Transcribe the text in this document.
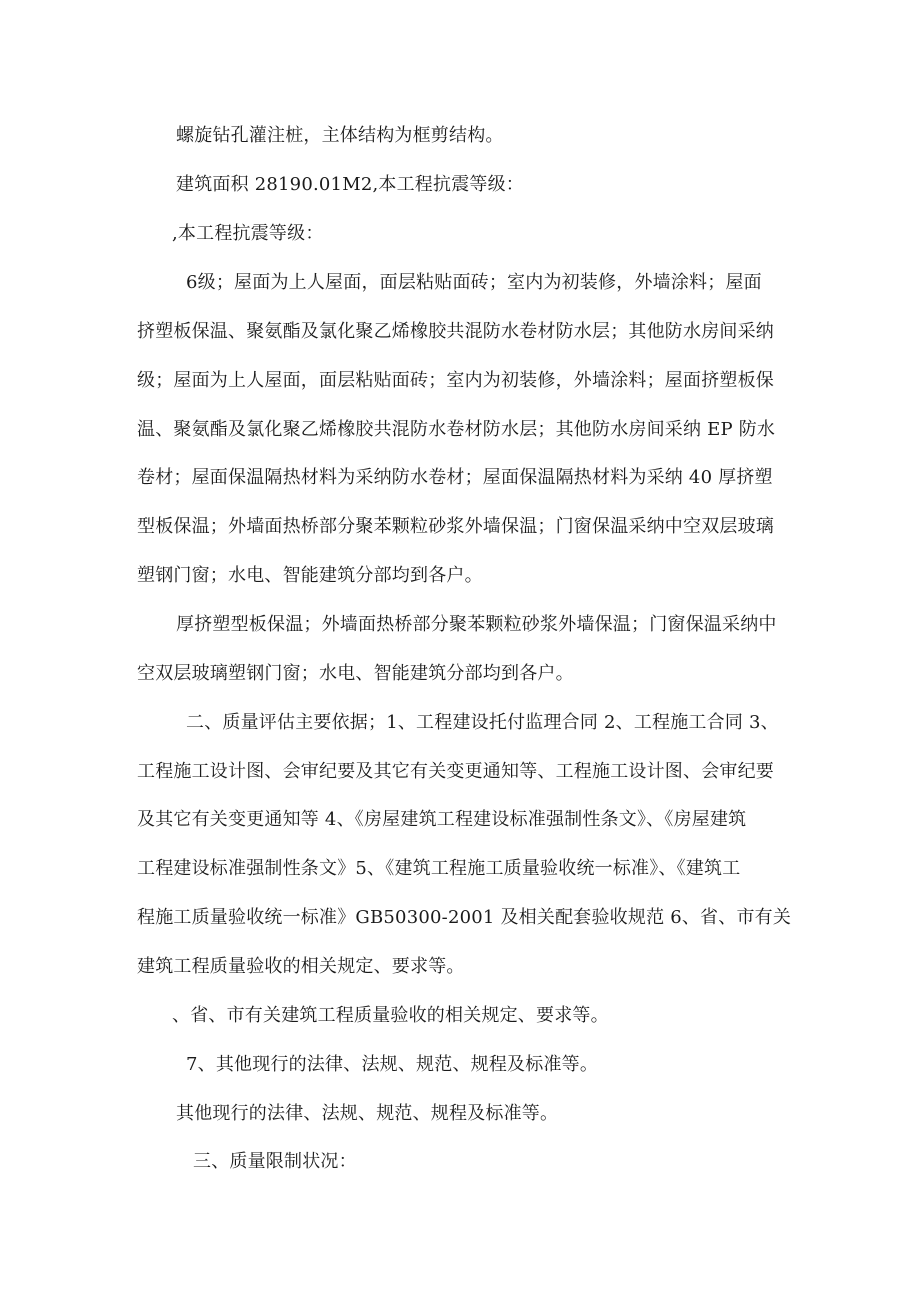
螺旋钻孔灌注桩，主体结构为框剪结构。
建筑面积 28190.01M2,本工程抗震等级：
,本工程抗震等级：
6级；屋面为上人屋面，面层粘贴面砖；室内为初装修，外墙涂料；屋面
挤塑板保温、聚氨酯及氯化聚乙烯橡胶共混防水卷材防水层；其他防水房间采纳
级；屋面为上人屋面，面层粘贴面砖；室内为初装修，外墙涂料；屋面挤塑板保
温、聚氨酯及氯化聚乙烯橡胶共混防水卷材防水层；其他防水房间采纳 EP 防水
卷材；屋面保温隔热材料为采纳防水卷材；屋面保温隔热材料为采纳 40 厚挤塑
型板保温；外墙面热桥部分聚苯颗粒砂浆外墙保温；门窗保温采纳中空双层玻璃
塑钢门窗；水电、智能建筑分部均到各户。
厚挤塑型板保温；外墙面热桥部分聚苯颗粒砂浆外墙保温；门窗保温采纳中
空双层玻璃塑钢门窗；水电、智能建筑分部均到各户。
二、质量评估主要依据；1、工程建设托付监理合同 2、工程施工合同 3、
工程施工设计图、会审纪要及其它有关变更通知等、工程施工设计图、会审纪要
及其它有关变更通知等 4、《房屋建筑工程建设标准强制性条文》、《房屋建筑
工程建设标准强制性条文》5、《建筑工程施工质量验收统一标准》、《建筑工
程施工质量验收统一标准》GB50300-2001 及相关配套验收规范 6、省、市有关
建筑工程质量验收的相关规定、要求等。
、省、市有关建筑工程质量验收的相关规定、要求等。
7、其他现行的法律、法规、规范、规程及标准等。
其他现行的法律、法规、规范、规程及标准等。
三、质量限制状况：
